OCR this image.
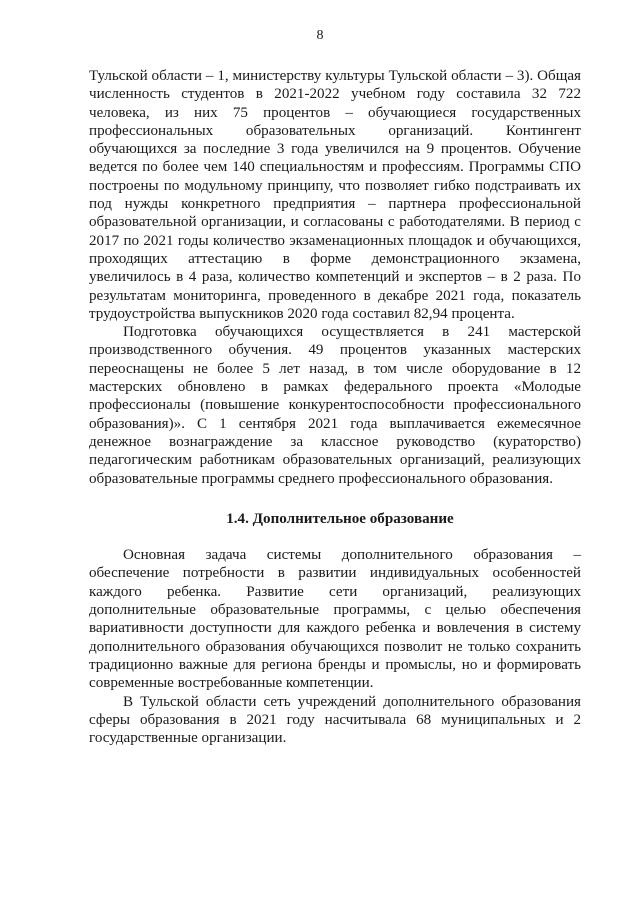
8

Тульской области – 1, министерству культуры Тульской области – 3). Общая численность студентов в 2021-2022 учебном году составила 32 722 человека, из них 75 процентов – обучающиеся государственных профессиональных образовательных организаций. Контингент обучающихся за последние 3 года увеличился на 9 процентов. Обучение ведется по более чем 140 специальностям и профессиям. Программы СПО построены по модульному принципу, что позволяет гибко подстраивать их под нужды конкретного предприятия – партнера профессиональной образовательной организации, и согласованы с работодателями. В период с 2017 по 2021 годы количество экзаменационных площадок и обучающихся, проходящих аттестацию в форме демонстрационного экзамена, увеличилось в 4 раза, количество компетенций и экспертов – в 2 раза. По результатам мониторинга, проведенного в декабре 2021 года, показатель трудоустройства выпускников 2020 года составил 82,94 процента.

Подготовка обучающихся осуществляется в 241 мастерской производственного обучения. 49 процентов указанных мастерских переоснащены не более 5 лет назад, в том числе оборудование в 12 мастерских обновлено в рамках федерального проекта «Молодые профессионалы (повышение конкурентоспособности профессионального образования)». С 1 сентября 2021 года выплачивается ежемесячное денежное вознаграждение за классное руководство (кураторство) педагогическим работникам образовательных организаций, реализующих образовательные программы среднего профессионального образования.

1.4. Дополнительное образование

Основная задача системы дополнительного образования – обеспечение потребности в развитии индивидуальных особенностей каждого ребенка. Развитие сети организаций, реализующих дополнительные образовательные программы, с целью обеспечения вариативности доступности для каждого ребенка и вовлечения в систему дополнительного образования обучающихся позволит не только сохранить традиционно важные для региона бренды и промыслы, но и формировать современные востребованные компетенции.

В Тульской области сеть учреждений дополнительного образования сферы образования в 2021 году насчитывала 68 муниципальных и 2 государственные организации.
